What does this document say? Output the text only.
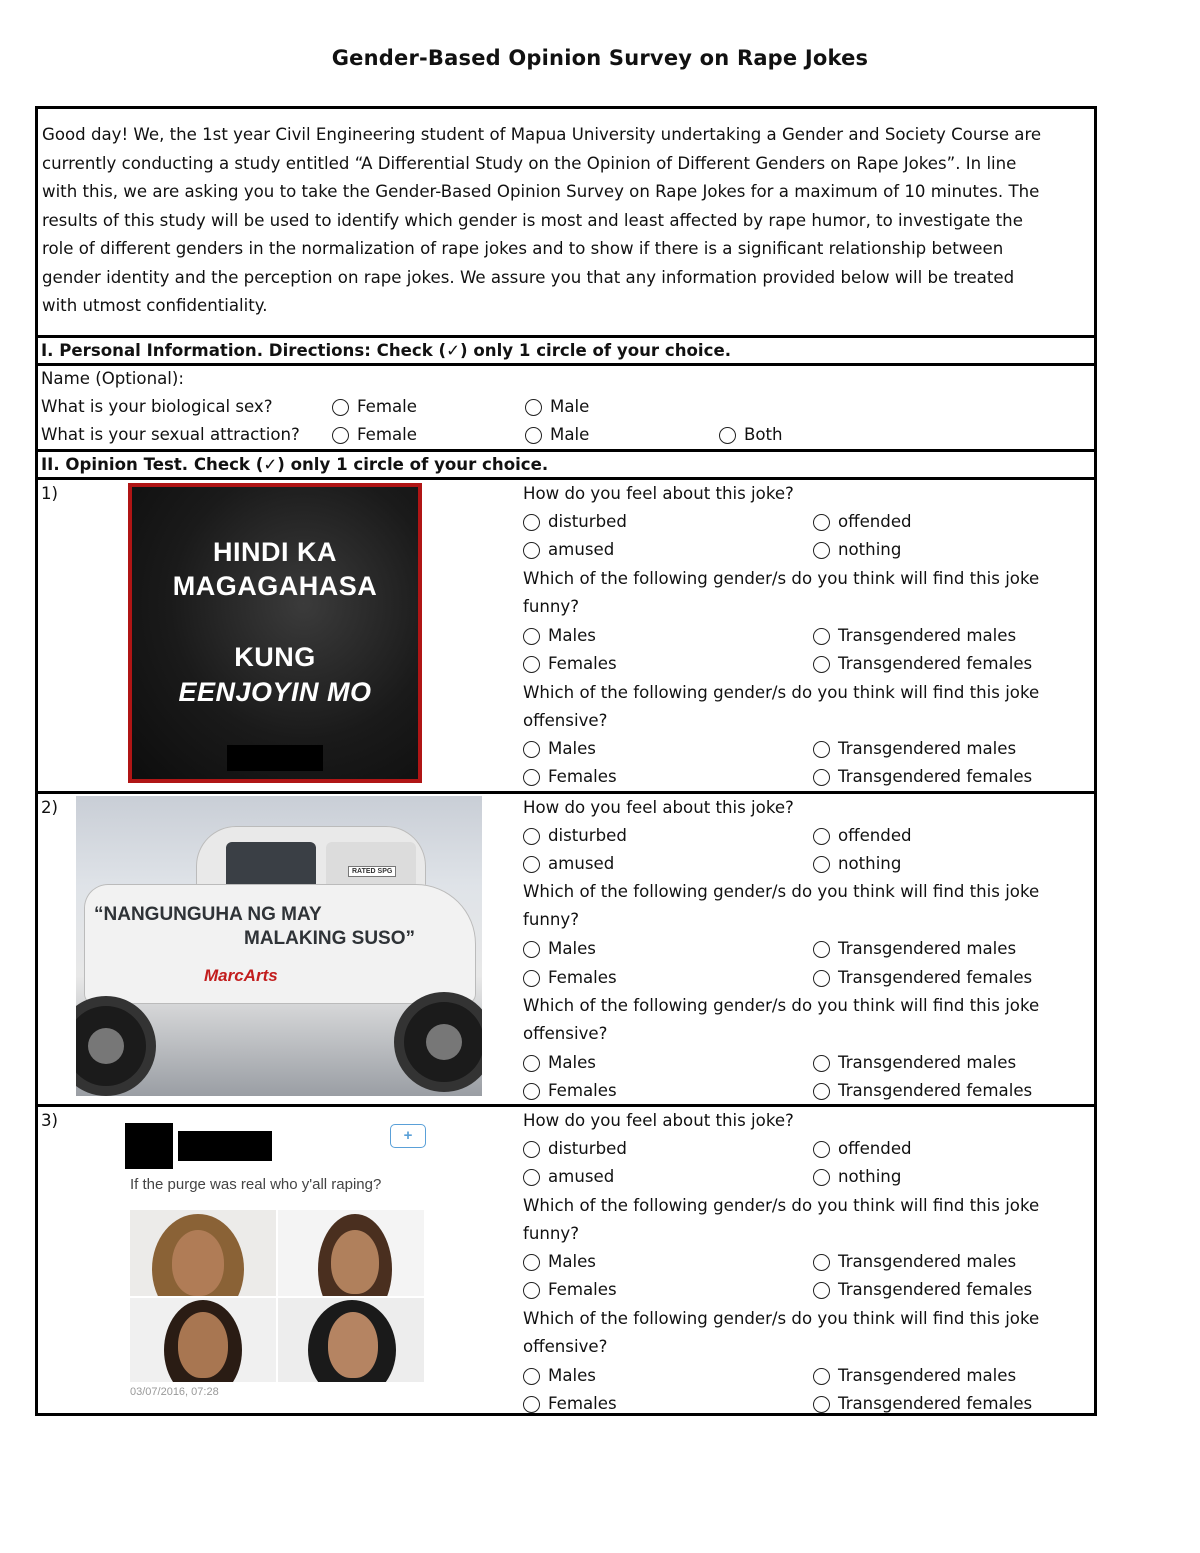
Gender-Based Opinion Survey on Rape Jokes
Good day! We, the 1st year Civil Engineering student of Mapua University undertaking a Gender and Society Course are
currently conducting a study entitled “A Differential Study on the Opinion of Different Genders on Rape Jokes”. In line
with this, we are asking you to take the Gender-Based Opinion Survey on Rape Jokes for a maximum of 10 minutes. The
results of this study will be used to identify which gender is most and least affected by rape humor, to investigate the
role of different genders in the normalization of rape jokes and to show if there is a significant relationship between
gender identity and the perception on rape jokes. We assure you that any information provided below will be treated
with utmost confidentiality.
I. Personal Information. Directions: Check (✓) only 1 circle of your choice.
Name (Optional):
What is your biological sex?	Female	Male
What is your sexual attraction?	Female	Male	Both
II. Opinion Test. Check (✓) only 1 circle of your choice.
1)
HINDI KA
MAGAGAHASA
KUNG
EENJOYIN MO
How do you feel about this joke?
disturbed	offended
amused	nothing
Which of the following gender/s do you think will find this joke
funny?
Males	Transgendered males
Females	Transgendered females
Which of the following gender/s do you think will find this joke
offensive?
Males	Transgendered males
Females	Transgendered females
2)
RATED SPG
“NANGUNGUHA NG MAY
MALAKING SUSO”
MarcArts
How do you feel about this joke?
disturbed	offended
amused	nothing
Which of the following gender/s do you think will find this joke
funny?
Males	Transgendered males
Females	Transgendered females
Which of the following gender/s do you think will find this joke
offensive?
Males	Transgendered males
Females	Transgendered females
3)
+
If the purge was real who y'all raping?
03/07/2016, 07:28
How do you feel about this joke?
disturbed	offended
amused	nothing
Which of the following gender/s do you think will find this joke
funny?
Males	Transgendered males
Females	Transgendered females
Which of the following gender/s do you think will find this joke
offensive?
Males	Transgendered males
Females	Transgendered females
